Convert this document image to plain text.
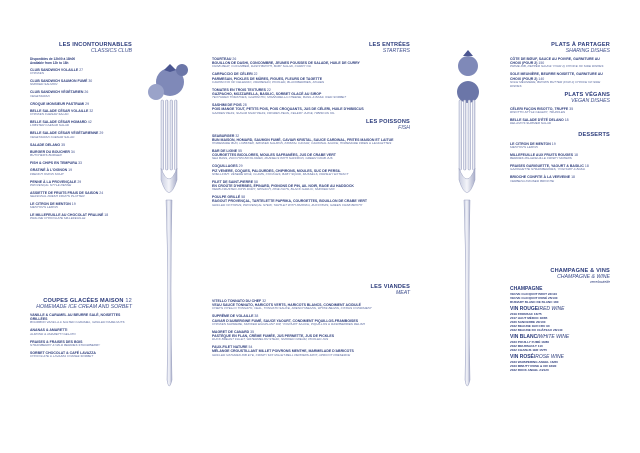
LES INCONTOURNABLES
CLASSICS CLUB
Disponibles de 12h00 à 18h00
Available from 12h to 18h
CLUB SANDWICH VOLAILLE 27
CHICKEN
CLUB SANDWICH SAUMON FUMÉ 30
SMOKED SALMON
CLUB SANDWICH VÉGÉTARIEN 26
VEGETARIAN
CROQUE MONSIEUR PASTRAMI 29
BELLE SALADE CÉSAR VOLAILLE 32
CHICKEN CAESAR SALAD
BELLE SALADE CÉSAR HOMARD 42
LOBSTER CAESAR SALAD
BELLE SALADE CÉSAR VÉGÉTARIENNE 29
VEGETARIAN CAESAR SALAD
SALADE DELANO 35
BURGER DU BOUCHER 34
BUTCHER'S BURGER
FISH & CHIPS EN TEMPURA 33
GRATINÉ À L'OIGNON 19
FRENCH ONION SOUP
PENNE À LA PROVENÇALE 29
PROVENÇAL STYLE PENNE
ASSIETTE DE FRUITS FRAIS DE SAISON 24
SEASONAL FRESH FRUITS PLATTER
LE CITRON DE MENTON 19
MENTON'S LEMON
LE MILLEFEUILLE AU CHOCOLAT PRALINÉ 18
PRALINE CHOCOLATE MILLEFEUILLE
COUPES GLACÉES MAISON 12
HOMEMADE ICE CREAM AND SORBET
VANILLE & CARAMEL AU BEURRE SALÉ, NOISETTES GRILLÉES
BOURBON VANILLA & SALTED CARAMEL, GRILLED HAZELNUTS
ANANAS & AMARETTI
ALMOND & AMARETTI GELATO
FRAISES & FRAISES DES BOIS
STRAWBERRY & WILD BERRIES STRAWBERRY
SORBET CHOCOLAT & CAFÉ LAVAZZA
CHOCOLATE & LAVAZZA COFFEE SORBET
LES ENTRÉES
STARTERS
TOURTEAU 26
BOUILLON DE DASHI, CONCOMBRE, JEUNES POUSSES DE SALADE, HUILE DE CURRY
CRAB MEAT, CUCUMBER, DASHI BROTH, BABY SALAD, CURRY OIL
CARPACCIO DE CÉLERI 22
PARMESAN, PICKLES DE MÛRES, FIGUES, FLEURS DE TAGETTE
CARPACCIO OF CELERIAC, PARMESAN, PICKLED, BLACKBERRIES, FIGUES
TOMATES EN TROIS TEXTURES 22
GAZPACHO, MOZZARELLA, BASILIC, SORBET GLACÉ AU SIROP
TEXTURED TOMATOES, GAZPACHO, MOZZARELLA CHEESE, BASIL & BASIL ICED SORBET
SASHIMI DE POIS 28
POIS MANGE TOUT, PETITS POIS, POIS CROQUANTS, JUS DE CÉLERI, HUILE D'HIBISCUS
GARDEN PEAS, SUGAR SNAP PEAS, FROZEN PEAS, CELERY JUICE, HIBISCUS OIL
LES POISSONS
FISH
SEABURGER 32
BUN MAISON, HOMARD, SAUMON FUMÉ, CAVIAR KRISTAL, SAUCE CARDINAL, FRITES MAISON ET LAITUE
HOMEMADE BUN, LOBSTER, SMOKED SALMON, KRISTAL CAVIAR, CARDINAL SAUCE, HOMEMADE FRIES & LEAFLETTES
BAR DE LIGNE 55
COURGETTES BICOLORES, MOULES SAFRANÉES, JUS DE CRABE VERT
SEA BASS, ZUCCHINI BICOLORED, MUSSELS WITH SAFFRON, GREEN CRAB JUS
COQUILLAGES 29
PIZ VENERE, COQUES, PALOURDES, CHIPIRONS, MOULES, SUC DE PERSIL
SHELLFISH: VENERE RICE, CLAMS, COCKLES, BABY SQUID, MUSSELS, PARSLEY EXTRACT
FILET DE SAINT-PIERRE 58
EN CROÛTE D'HERBES, ÉPINARD, PIGNONS DE PIN, AIL NOIR, RAGE AU HADDOCK
HERB-CRUSTED JOHN DORY, SPINACH, PINE NUTS, BLACK GARLIC, SMOKED MIX
POULPE GRILLÉ 58
RAGOUT PROVENÇAL, TARTELETTE PAPRIKA, COURGETTES, BOUILLON DE CRABE VERT
GRILLED OCTOPUS, PROVENÇAL STEW, TARTLET WITH PAPRIKA, ZUCCHINIS, GREEN CRAB BROTH
LES VIANDES
MEAT
VITELLO TONNATO DU CHEF 32
VEAU SAUCE TONNATO, HARICOTS VERTS, HARICOTS BLANCS, CONDIMENT ACIDULÉ
CHEF'S VITELLO TONNATO, VEAL, TONNATO SAUCE, FRENCH BEANS, WHITE BEANS, CITRUS CONDIMENT
SUPRÊME DE VOLAILLE 38
CAVIAR D'AUBERGINE FUMÉ, SAUCE YAOURT, CONDIMENT PIQUILLOS-FRAMBOISES
CHICKEN SUPREME, SMOKED EGGPLANT DIP, YOGHURT SAUCE, PIQUILLOS & RASPBERRIES RELISH
MAGRET DE CANARD 35
PASTÈQUE EN FLAN, CRÈME FUMÉE, JUS PERNETTE, JUS DE PICKLES
DUCK BREAST FILLET, WATERMELON STEAK, SMOKED CREAM, PICKLED JUS
FAUX-FILET NATURE 54
MÉLANGE CROUSTILLANT MILLET POIVRONS MENTHE, MARMELADE D'ABRICOTS
GRILLED NATURED RIB EYE, CRISPY MIX MILLET-BELL PEPPERS-MINT, APRICOT PRESERVE
PLATS À PARTAGER
SHARING DISHES
CÔTE DE BŒUF, SAUCE AU POIVRE, GARNITURE AU CHOIX (POUR 2) 150
PRIME RIB, PEPPER SAUCE YOUR 2) CHOICE OF SIDE DISHES
SOLE MEUNIÈRE, BEURRE NOISETTE, GARNITURE AU CHOIX (POUR 2) 140
SOLE MEUNIÈRE, BROWN BUTTER (FOR 2) CHOICE OF SIDE DISHES
PLATS VÉGANS
VEGAN DISHES
CÉLERI FAÇON RISOTTO, TRUFFE 35
RISOTTO-STYLE CELERY, TRUFFLES
BELLE SALADE D'ÉTÉ DELANO 18
DELANO'S SUMMER SALAD
DESSERTS
LE CITRON DE MENTON 19
MENTON'S LEMON
MILLEFEUILLE AUX FRUITS ROUGES 18
BERRIES MILLEFEUILLE CRISPY MATERS
FRAISES GARIGUETTE, YAOURT & BASILIC 18
GARIGUETTE STRAWBERRIES, YOGHURT & BASIL
BRIOCHE CONFITE À LA VERVEINE 18
VERBENA INFUSED BRIOCHE
CHAMPAGNE & VINS
CHAMPAGNE & WINE
verre/bouteille
CHAMPAGNE
VEUVE CLICQUOT BRUT 22/110
VEUVE CLICQUOT ROSÉ 25/130
RUINART BLANC DE BLANC 180
VIN ROUGE/RED WINE
2019 FRONSAC 16/75
2017 HAUT MÉDOC 18/85
2020 SANCERRE 20/100
2022 BEAUNE 1ER CRU 90
2022 BEAUNE DU CHÂTEAU 26/140
VIN BLANC/WHITE WINE
2023 POUILLY FUMÉ 18/80
2022 MEURSAULT 110
2022 CHABLIS 1ER 15/75
VIN ROSÉ/ROSE WINE
2023 WHISPERING ANGEL 16/80
2023 MINUTY ROSE & OR 18/90
2022 ROCK ANGEL 24/120
